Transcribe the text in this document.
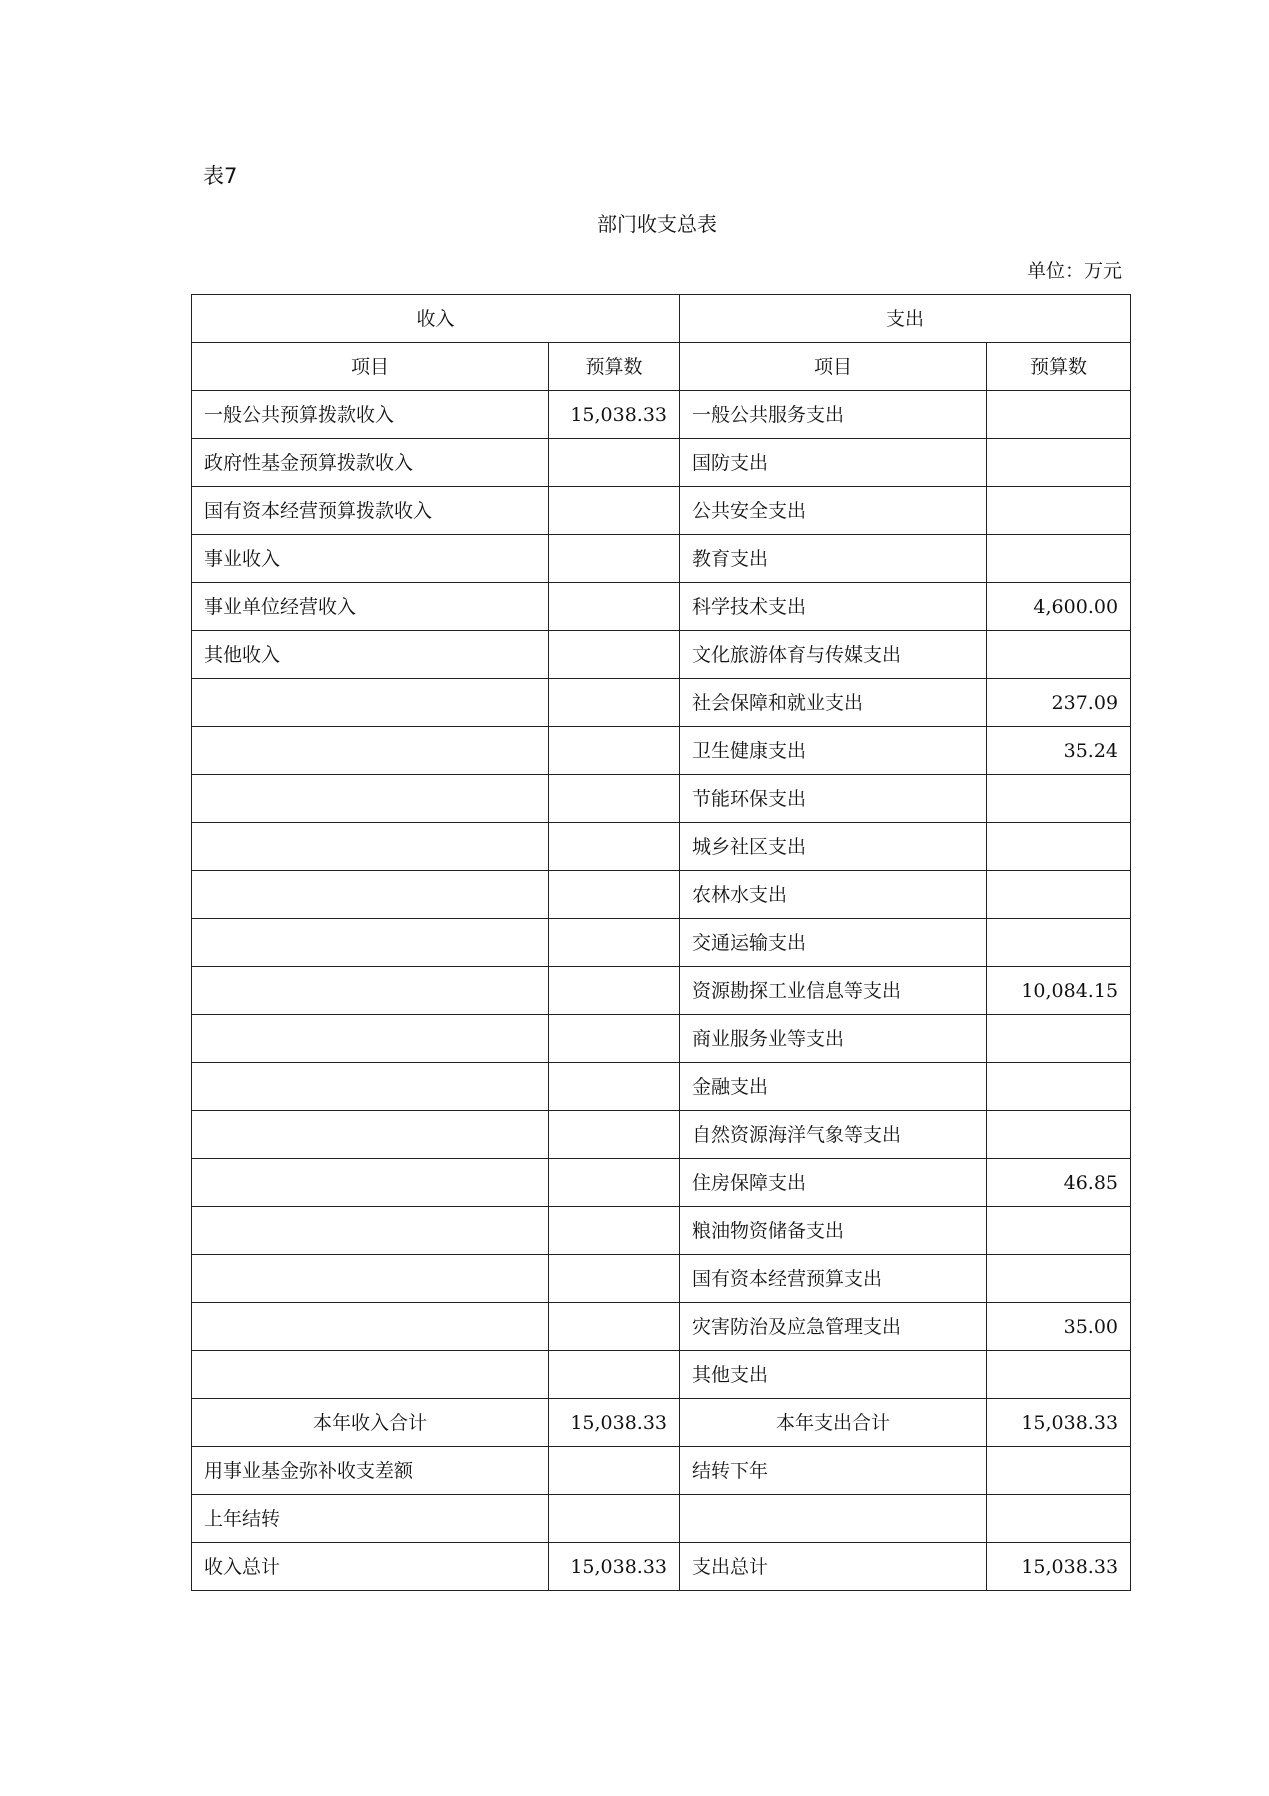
表7
部门收支总表
单位：万元
收入		支出	
项目	预算数	项目	预算数
一般公共预算拨款收入	15,038.33	一般公共服务支出	
政府性基金预算拨款收入		国防支出	
国有资本经营预算拨款收入		公共安全支出	
事业收入		教育支出	
事业单位经营收入		科学技术支出	4,600.00
其他收入		文化旅游体育与传媒支出	
		社会保障和就业支出	237.09
		卫生健康支出	35.24
		节能环保支出	
		城乡社区支出	
		农林水支出	
		交通运输支出	
		资源勘探工业信息等支出	10,084.15
		商业服务业等支出	
		金融支出	
		自然资源海洋气象等支出	
		住房保障支出	46.85
		粮油物资储备支出	
		国有资本经营预算支出	
		灾害防治及应急管理支出	35.00
		其他支出	
本年收入合计	15,038.33	本年支出合计	15,038.33
用事业基金弥补收支差额		结转下年	
上年结转			
收入总计	15,038.33	支出总计	15,038.33
